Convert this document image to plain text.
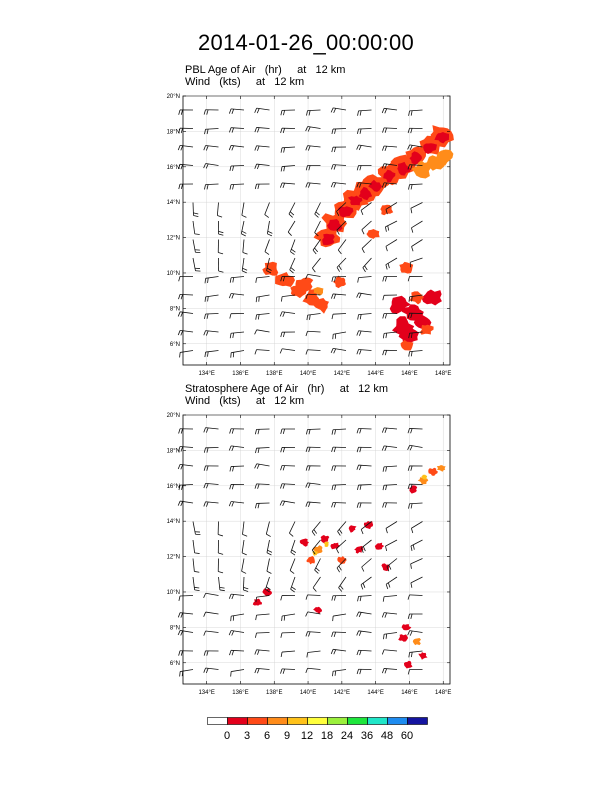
2014-01-26_00:00:00
PBL Age of Air (hr) at 12 km
Wind (kts) at 12 km
Stratosphere Age of Air (hr) at 12 km
Wind (kts) at 12 km
6°N
8°N
10°N
12°N
14°N
16°N
18°N
20°N
134°E	136°E	138°E	140°E	142°E	144°E	146°E	148°E
6°N
8°N
10°N
12°N
14°N
16°N
18°N
20°N
134°E	136°E	138°E	140°E	142°E	144°E	146°E	148°E
0	3	6	9 12 18 24 36 48 60
